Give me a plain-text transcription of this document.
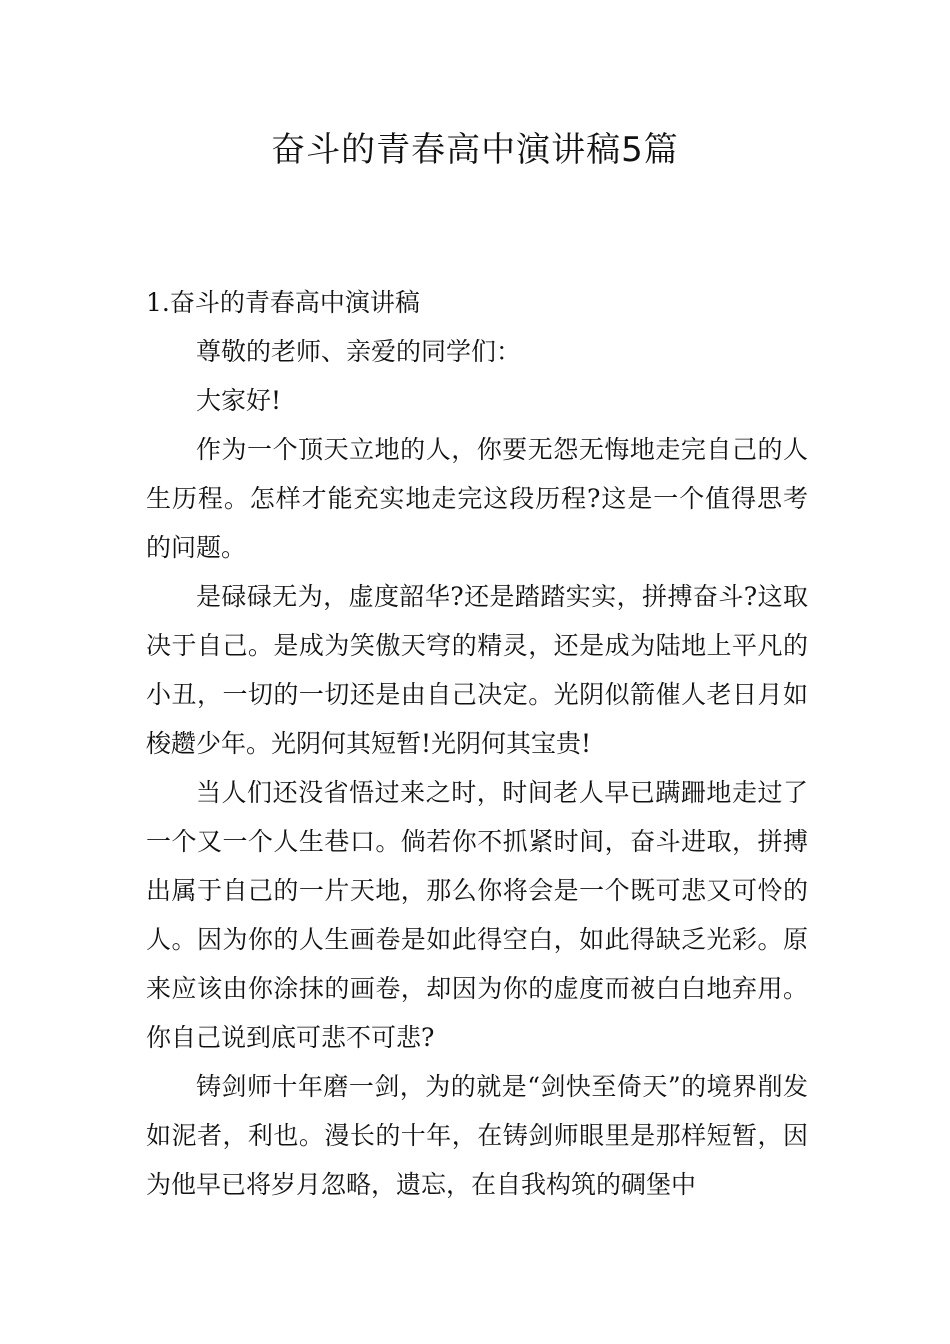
奋斗的青春高中演讲稿5篇

1.奋斗的青春高中演讲稿

尊敬的老师、亲爱的同学们：

大家好!

作为一个顶天立地的人，你要无怨无悔地走完自己的人生历程。怎样才能充实地走完这段历程?这是一个值得思考的问题。

是碌碌无为，虚度韶华?还是踏踏实实，拼搏奋斗?这取决于自己。是成为笑傲天穹的精灵，还是成为陆地上平凡的小丑，一切的一切还是由自己决定。光阴似箭催人老日月如梭趱少年。光阴何其短暂!光阴何其宝贵!

当人们还没省悟过来之时，时间老人早已蹒跚地走过了一个又一个人生巷口。倘若你不抓紧时间，奋斗进取，拼搏出属于自己的一片天地，那么你将会是一个既可悲又可怜的人。因为你的人生画卷是如此得空白，如此得缺乏光彩。原来应该由你涂抹的画卷，却因为你的虚度而被白白地弃用。你自己说到底可悲不可悲?

铸剑师十年磨一剑，为的就是“剑快至倚天”的境界削发如泥者，利也。漫长的十年，在铸剑师眼里是那样短暂，因为他早已将岁月忽略，遗忘，在自我构筑的碉堡中
